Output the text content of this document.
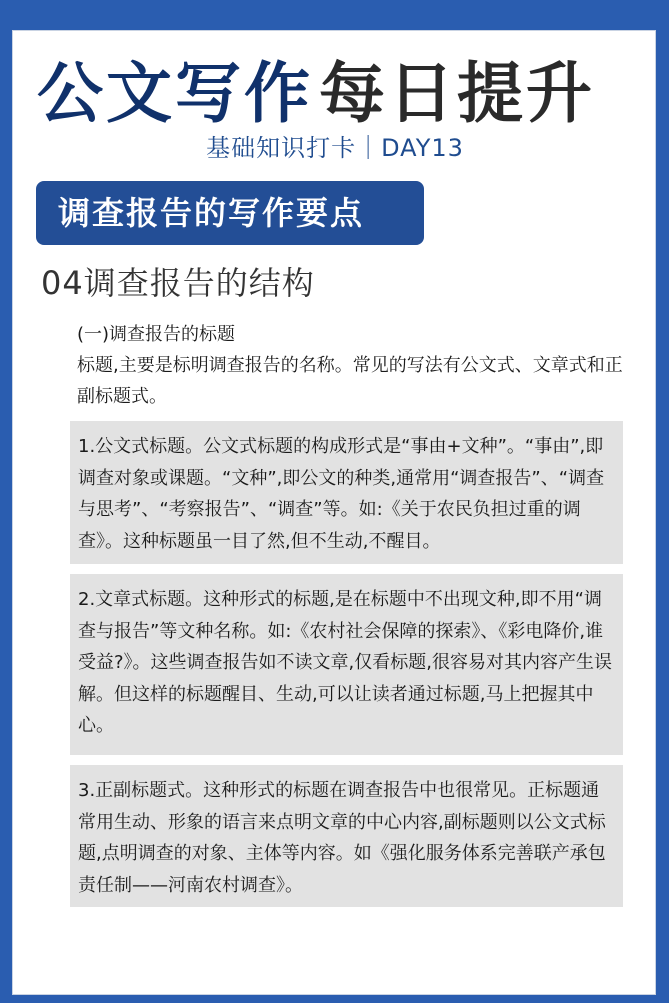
公文写作每日提升
基础知识打卡｜DAY13
调查报告的写作要点
04调查报告的结构

(一)调查报告的标题

标题,主要是标明调查报告的名称。常见的写法有公文式、文章式和正副标题式。

1.公文式标题。公文式标题的构成形式是“事由+文种”。“事由”,即调查对象或课题。“文种”,即公文的种类,通常用“调查报告”、“调查与思考”、“考察报告”、“调查”等。如:《关于农民负担过重的调查》。这种标题虽一目了然,但不生动,不醒目。

2.文章式标题。这种形式的标题,是在标题中不出现文种,即不用“调查与报告”等文种名称。如:《农村社会保障的探索》、《彩电降价,谁受益?》。这些调查报告如不读文章,仅看标题,很容易对其内容产生误解。但这样的标题醒目、生动,可以让读者通过标题,马上把握其中心。

3.正副标题式。这种形式的标题在调查报告中也很常见。正标题通常用生动、形象的语言来点明文章的中心内容,副标题则以公文式标题,点明调查的对象、主体等内容。如《强化服务体系完善联产承包责任制——河南农村调查》。
